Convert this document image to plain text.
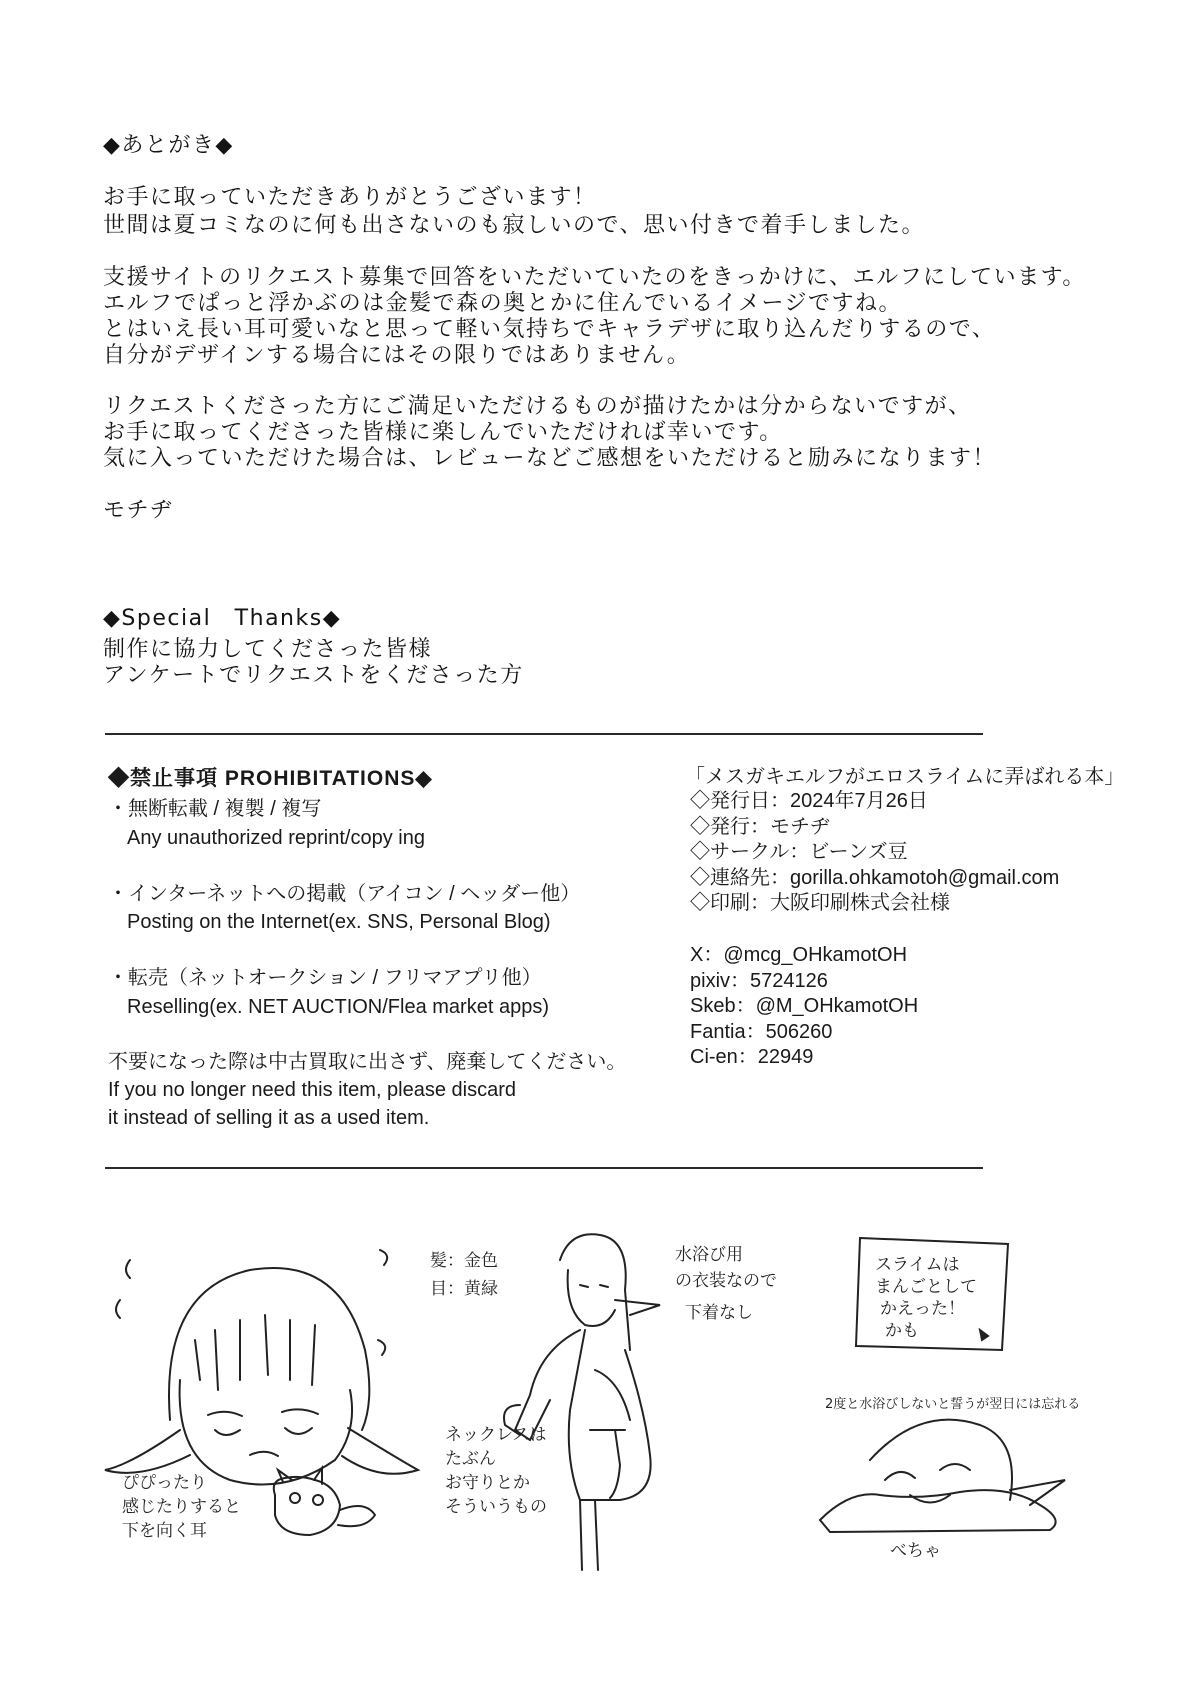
◆あとがき◆
お手に取っていただきありがとうございます！
世間は夏コミなのに何も出さないのも寂しいので、思い付きで着手しました。
支援サイトのリクエスト募集で回答をいただいていたのをきっかけに、エルフにしています。
エルフでぱっと浮かぶのは金髪で森の奥とかに住んでいるイメージですね。
とはいえ長い耳可愛いなと思って軽い気持ちでキャラデザに取り込んだりするので、
自分がデザインする場合にはその限りではありません。
リクエストくださった方にご満足いただけるものが描けたかは分からないですが、
お手に取ってくださった皆様に楽しんでいただければ幸いです。
気に入っていただけた場合は、レビューなどご感想をいただけると励みになります！
モチヂ
◆Special　Thanks◆
制作に協力してくださった皆様
アンケートでリクエストをくださった方
◆禁止事項 PROHIBITATIONS◆
・無断転載 / 複製 / 複写
Any unauthorized reprint/copy ing
・インターネットへの掲載（アイコン / ヘッダー他）
Posting on the Internet(ex. SNS, Personal Blog)
・転売（ネットオークション / フリマアプリ他）
Reselling(ex. NET AUCTION/Flea market apps)
不要になった際は中古買取に出さず、廃棄してください。
If you no longer need this item, please discard
it instead of selling it as a used item.
「メスガキエルフがエロスライムに弄ばれる本」
◇発行日：2024年7月26日
◇発行：モチヂ
◇サークル：ビーンズ豆
◇連絡先：gorilla.ohkamotoh@gmail.com
◇印刷：大阪印刷株式会社様
X：@mcg_OHkamotOH
pixiv：5724126
Skeb：@M_OHkamotOH
Fantia：506260
Ci-en：22949
ぴぴったり
感じたりすると
下を向く耳
髪：金色
目：黄緑
水浴び用
の衣装なので
下着なし
ネックレスは
たぶん
お守りとか
そういうもの
スライムは
まんごとして
かえった！
かも
2度と水浴びしないと誓うが翌日には忘れる
べちゃ
